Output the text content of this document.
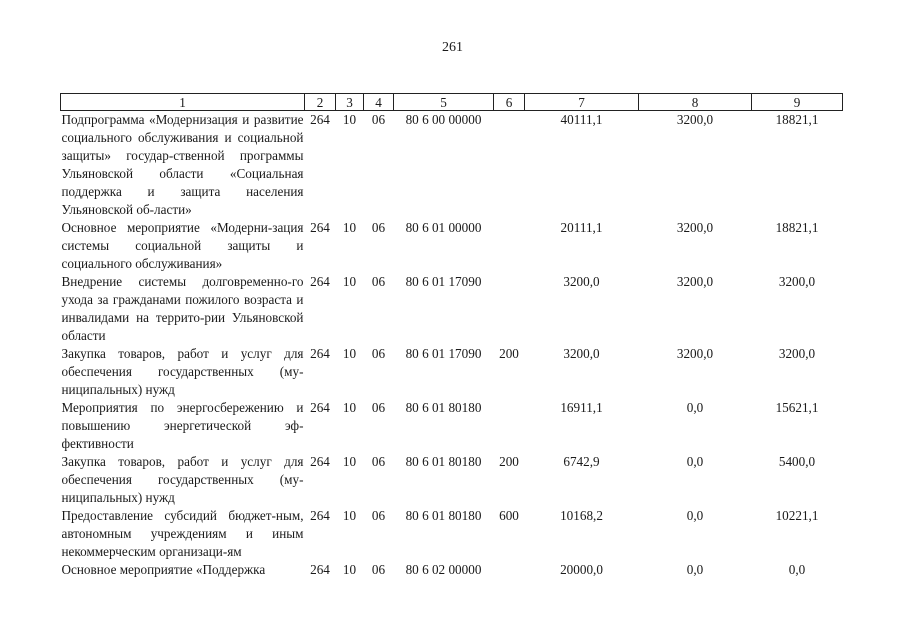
261
1	2	3	4	5	6	7	8	9
Подпрограмма «Модернизация и развитие социального обслуживания и социальной защиты» государ-ственной программы Ульяновской области «Социальная поддержка и защита населения Ульяновской об-ласти»	264	10	06	80 6 00 00000		40111,1	3200,0	18821,1
Основное мероприятие «Модерни-зация системы социальной защиты и социального обслуживания»	264	10	06	80 6 01 00000		20111,1	3200,0	18821,1
Внедрение системы долговременно-го ухода за гражданами пожилого возраста и инвалидами на террито-рии Ульяновской области	264	10	06	80 6 01 17090		3200,0	3200,0	3200,0
Закупка товаров, работ и услуг для обеспечения государственных (му-ниципальных) нужд	264	10	06	80 6 01 17090	200	3200,0	3200,0	3200,0
Мероприятия по энергосбережению и повышению энергетической эф-фективности	264	10	06	80 6 01 80180		16911,1	0,0	15621,1
Закупка товаров, работ и услуг для обеспечения государственных (му-ниципальных) нужд	264	10	06	80 6 01 80180	200	6742,9	0,0	5400,0
Предоставление субсидий бюджет-ным, автономным учреждениям и иным некоммерческим организаци-ям	264	10	06	80 6 01 80180	600	10168,2	0,0	10221,1
Основное мероприятие «Поддержка	264	10	06	80 6 02 00000		20000,0	0,0	0,0
